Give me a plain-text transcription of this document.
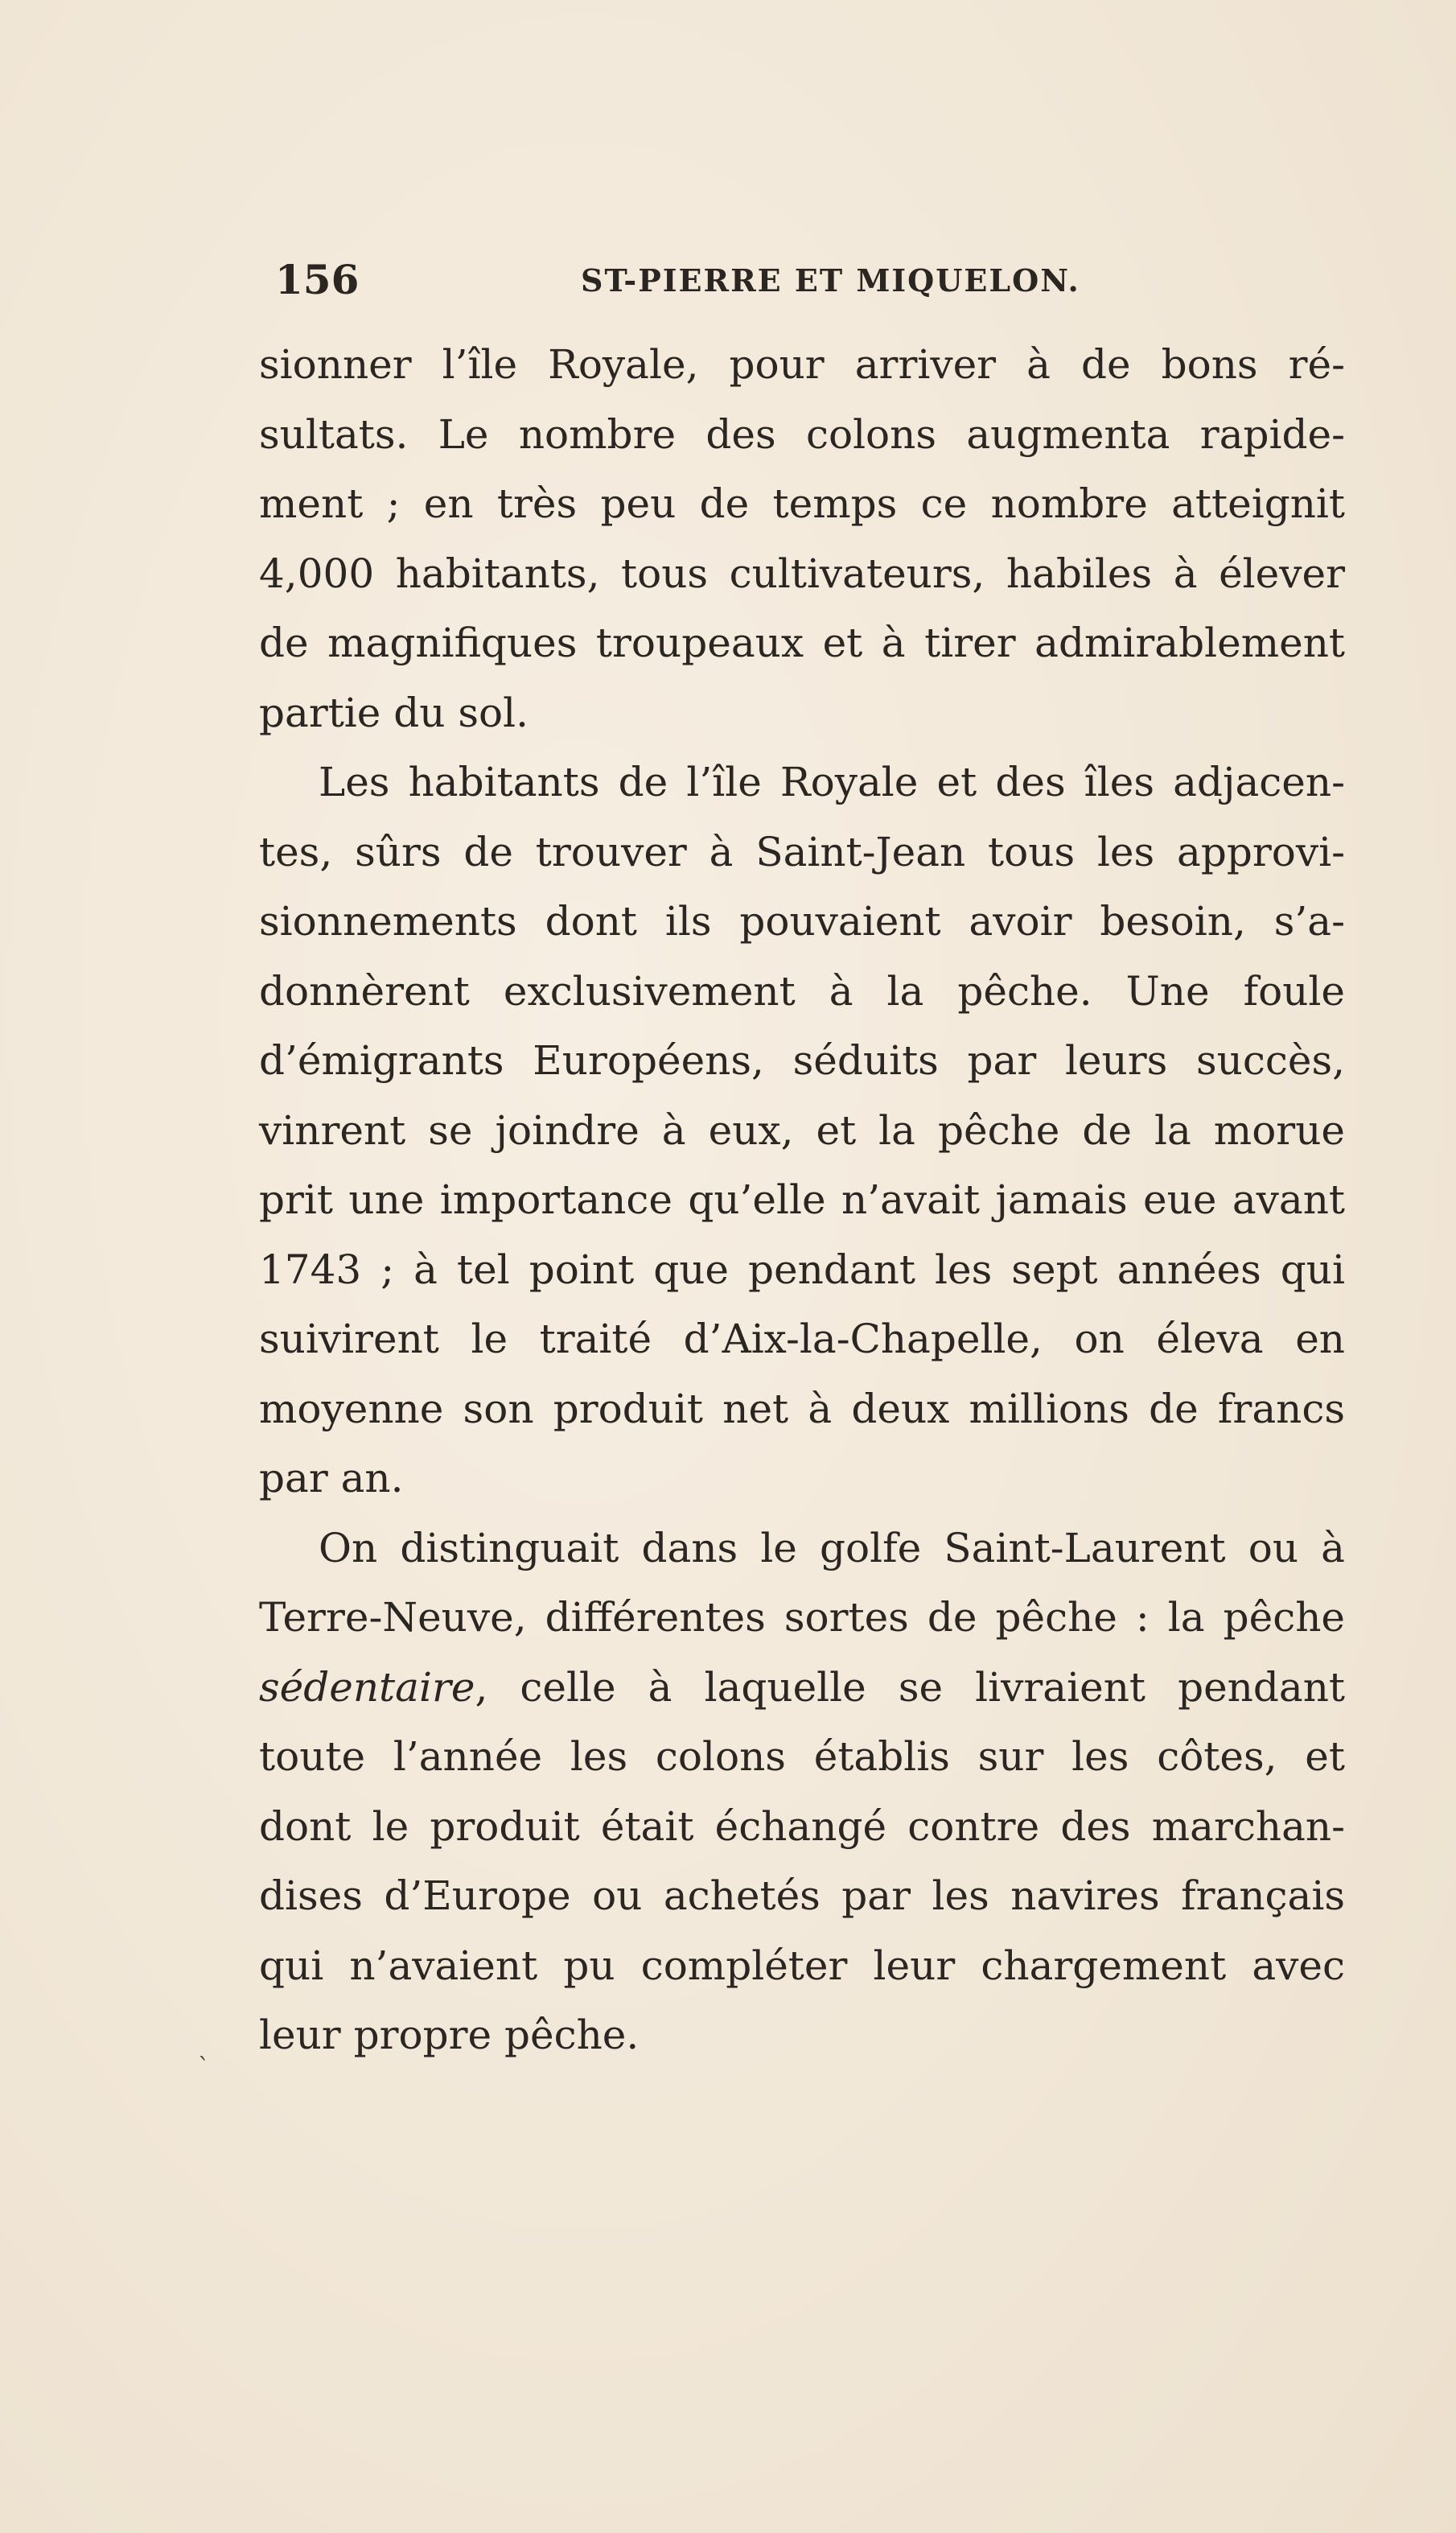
156	ST-PIERRE ET MIQUELON.
sionner l’île Royale, pour arriver à de bons ré-
sultats. Le nombre des colons augmenta rapide-
ment ; en très peu de temps ce nombre atteignit
4,000 habitants, tous cultivateurs, habiles à élever
de magnifiques troupeaux et à tirer admirablement
partie du sol.
Les habitants de l’île Royale et des îles adjacen-
tes, sûrs de trouver à Saint-Jean tous les approvi-
sionnements dont ils pouvaient avoir besoin, s’a-
donnèrent exclusivement à la pêche. Une foule
d’émigrants Européens, séduits par leurs succès,
vinrent se joindre à eux, et la pêche de la morue
prit une importance qu’elle n’avait jamais eue avant
1743 ; à tel point que pendant les sept années qui
suivirent le traité d’Aix-la-Chapelle, on éleva en
moyenne son produit net à deux millions de francs
par an.
On distinguait dans le golfe Saint-Laurent ou à
Terre-Neuve, différentes sortes de pêche : la pêche
sédentaire, celle à laquelle se livraient pendant
toute l’année les colons établis sur les côtes, et
dont le produit était échangé contre des marchan-
dises d’Europe ou achetés par les navires français
qui n’avaient pu compléter leur chargement avec
leur propre pêche.
ˋ
